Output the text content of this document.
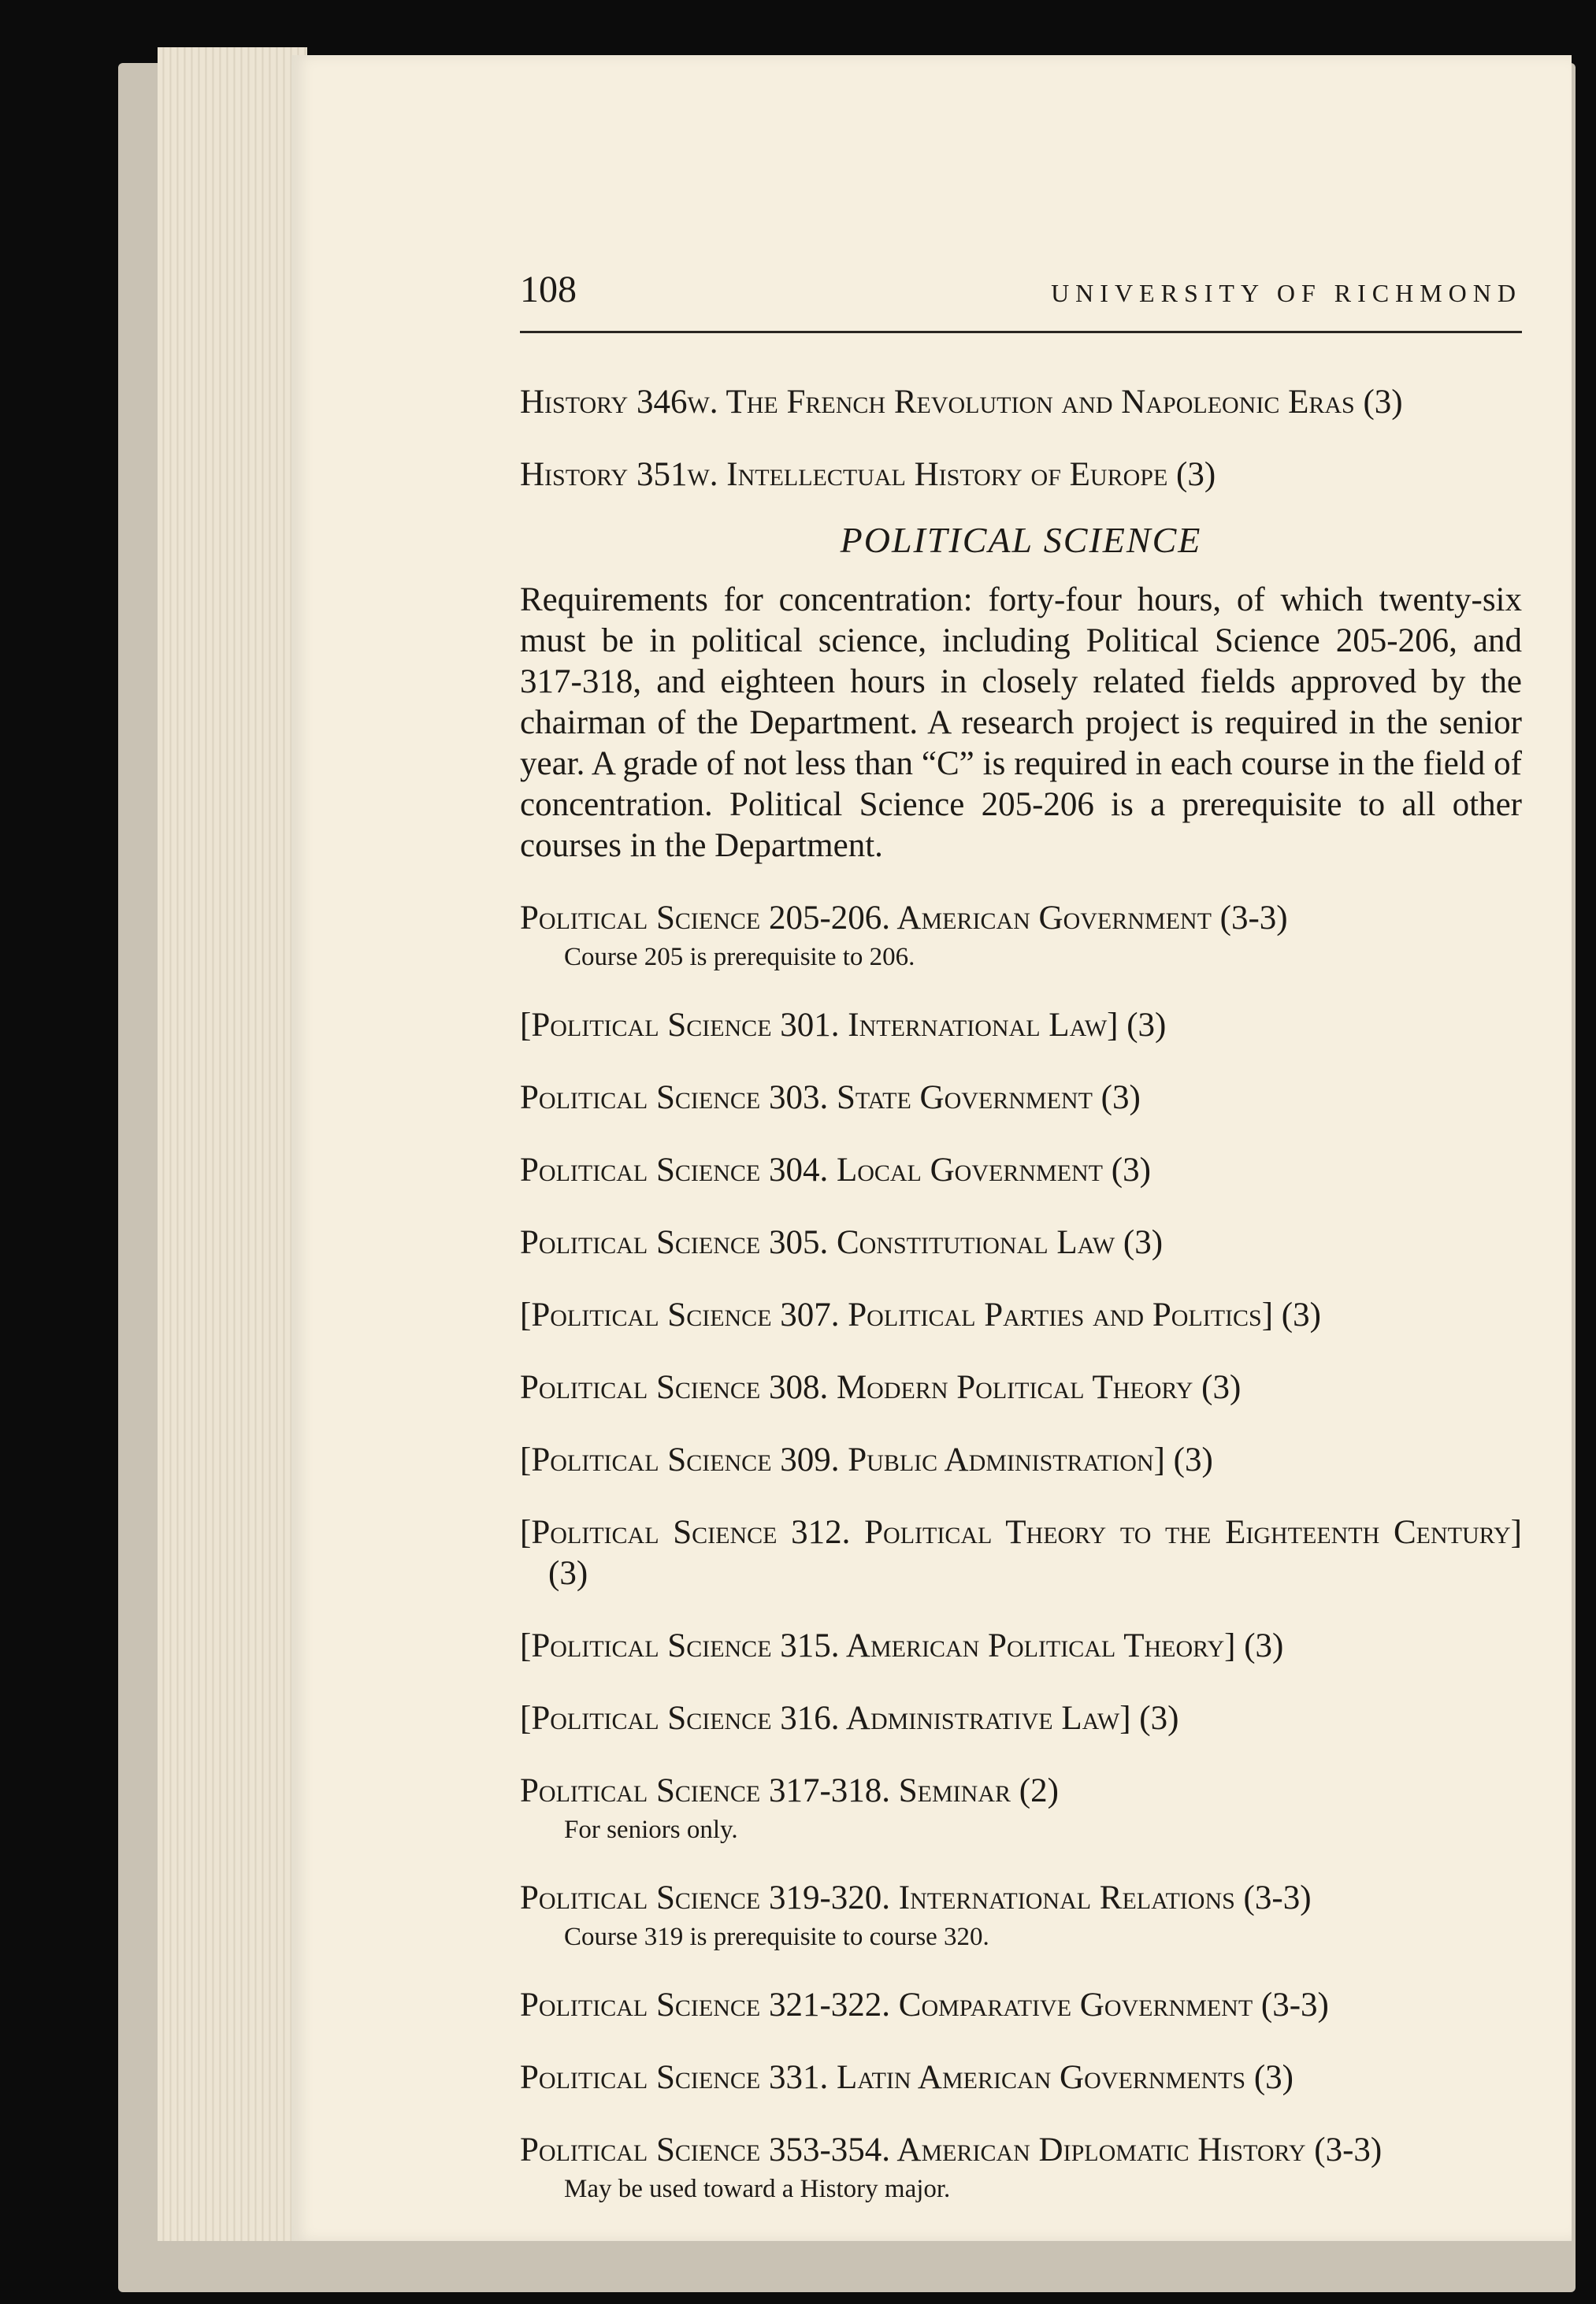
108	UNIVERSITY OF RICHMOND
History 346w. The French Revolution and Napoleonic Eras (3)
History 351w. Intellectual History of Europe (3)
POLITICAL SCIENCE
Requirements for concentration: forty-four hours, of which twenty-six must be in political science, including Political Science 205-206, and 317-318, and eighteen hours in closely related fields approved by the chairman of the Department. A research project is required in the senior year. A grade of not less than “C” is required in each course in the field of concentration. Political Science 205-206 is a prerequisite to all other courses in the Department.
Political Science 205-206. American Government (3-3)
Course 205 is prerequisite to 206.
[Political Science 301. International Law] (3)
Political Science 303. State Government (3)
Political Science 304. Local Government (3)
Political Science 305. Constitutional Law (3)
[Political Science 307. Political Parties and Politics] (3)
Political Science 308. Modern Political Theory (3)
[Political Science 309. Public Administration] (3)
[Political Science 312. Political Theory to the Eighteenth Century] (3)
[Political Science 315. American Political Theory] (3)
[Political Science 316. Administrative Law] (3)
Political Science 317-318. Seminar (2)
For seniors only.
Political Science 319-320. International Relations (3-3)
Course 319 is prerequisite to course 320.
Political Science 321-322. Comparative Government (3-3)
Political Science 331. Latin American Governments (3)
Political Science 353-354. American Diplomatic History (3-3)
May be used toward a History major.
